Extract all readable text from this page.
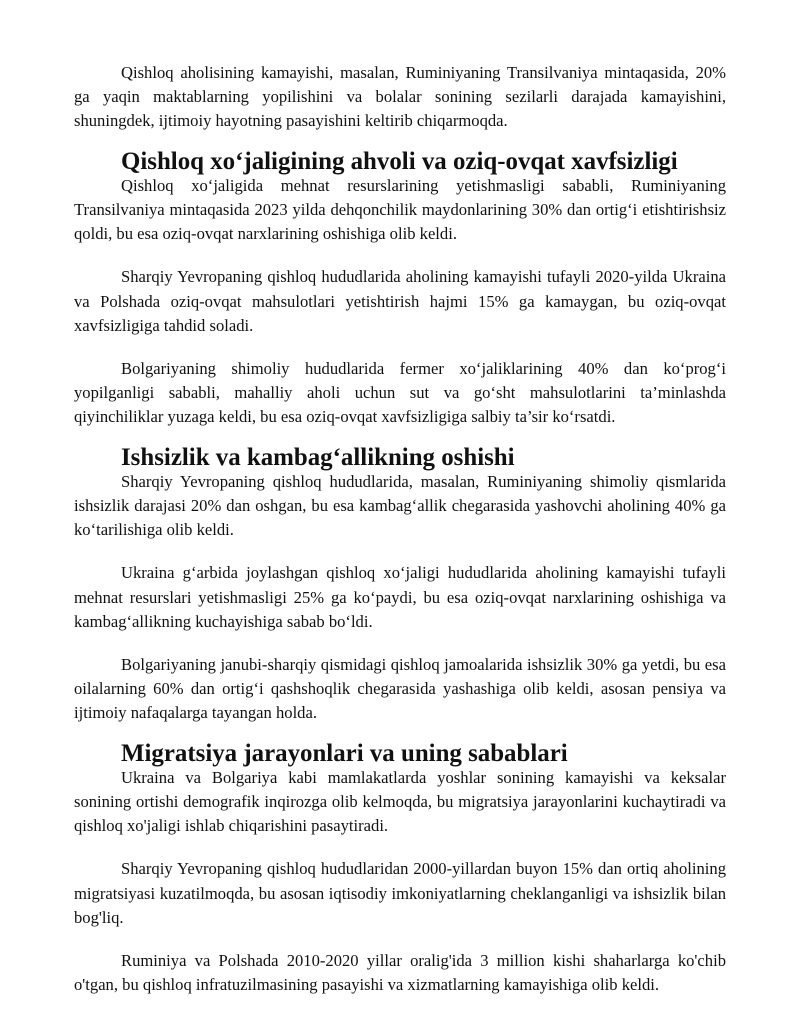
Qishloq aholisining kamayishi, masalan, Ruminiyaning Transilvaniya mintaqasida, 20% ga yaqin maktablarning yopilishini va bolalar sonining sezilarli darajada kamayishini, shuningdek, ijtimoiy hayotning pasayishini keltirib chiqarmoqda.

Qishloq xo‘jaligining ahvoli va oziq-ovqat xavfsizligi

Qishloq xo‘jaligida mehnat resurslarining yetishmasligi sababli, Ruminiyaning Transilvaniya mintaqasida 2023 yilda dehqonchilik maydonlarining 30% dan ortig‘i etishtirishsiz qoldi, bu esa oziq-ovqat narxlarining oshishiga olib keldi.

Sharqiy Yevropaning qishloq hududlarida aholining kamayishi tufayli 2020-yilda Ukraina va Polshada oziq-ovqat mahsulotlari yetishtirish hajmi 15% ga kamaygan, bu oziq-ovqat xavfsizligiga tahdid soladi.

Bolgariyaning shimoliy hududlarida fermer xo‘jaliklarining 40% dan ko‘prog‘i yopilganligi sababli, mahalliy aholi uchun sut va go‘sht mahsulotlarini ta’minlashda qiyinchiliklar yuzaga keldi, bu esa oziq-ovqat xavfsizligiga salbiy ta’sir ko‘rsatdi.

Ishsizlik va kambag‘allikning oshishi

Sharqiy Yevropaning qishloq hududlarida, masalan, Ruminiyaning shimoliy qismlarida ishsizlik darajasi 20% dan oshgan, bu esa kambag‘allik chegarasida yashovchi aholining 40% ga ko‘tarilishiga olib keldi.

Ukraina g‘arbida joylashgan qishloq xo‘jaligi hududlarida aholining kamayishi tufayli mehnat resurslari yetishmasligi 25% ga ko‘paydi, bu esa oziq-ovqat narxlarining oshishiga va kambag‘allikning kuchayishiga sabab bo‘ldi.

Bolgariyaning janubi-sharqiy qismidagi qishloq jamoalarida ishsizlik 30% ga yetdi, bu esa oilalarning 60% dan ortig‘i qashshoqlik chegarasida yashashiga olib keldi, asosan pensiya va ijtimoiy nafaqalarga tayangan holda.

Migratsiya jarayonlari va uning sabablari

Ukraina va Bolgariya kabi mamlakatlarda yoshlar sonining kamayishi va keksalar sonining ortishi demografik inqirozga olib kelmoqda, bu migratsiya jarayonlarini kuchaytiradi va qishloq xo'jaligi ishlab chiqarishini pasaytiradi.

Sharqiy Yevropaning qishloq hududlaridan 2000-yillardan buyon 15% dan ortiq aholining migratsiyasi kuzatilmoqda, bu asosan iqtisodiy imkoniyatlarning cheklanganligi va ishsizlik bilan bog'liq.

Ruminiya va Polshada 2010-2020 yillar oralig'ida 3 million kishi shaharlarga ko'chib o'tgan, bu qishloq infratuzilmasining pasayishi va xizmatlarning kamayishiga olib keldi.
